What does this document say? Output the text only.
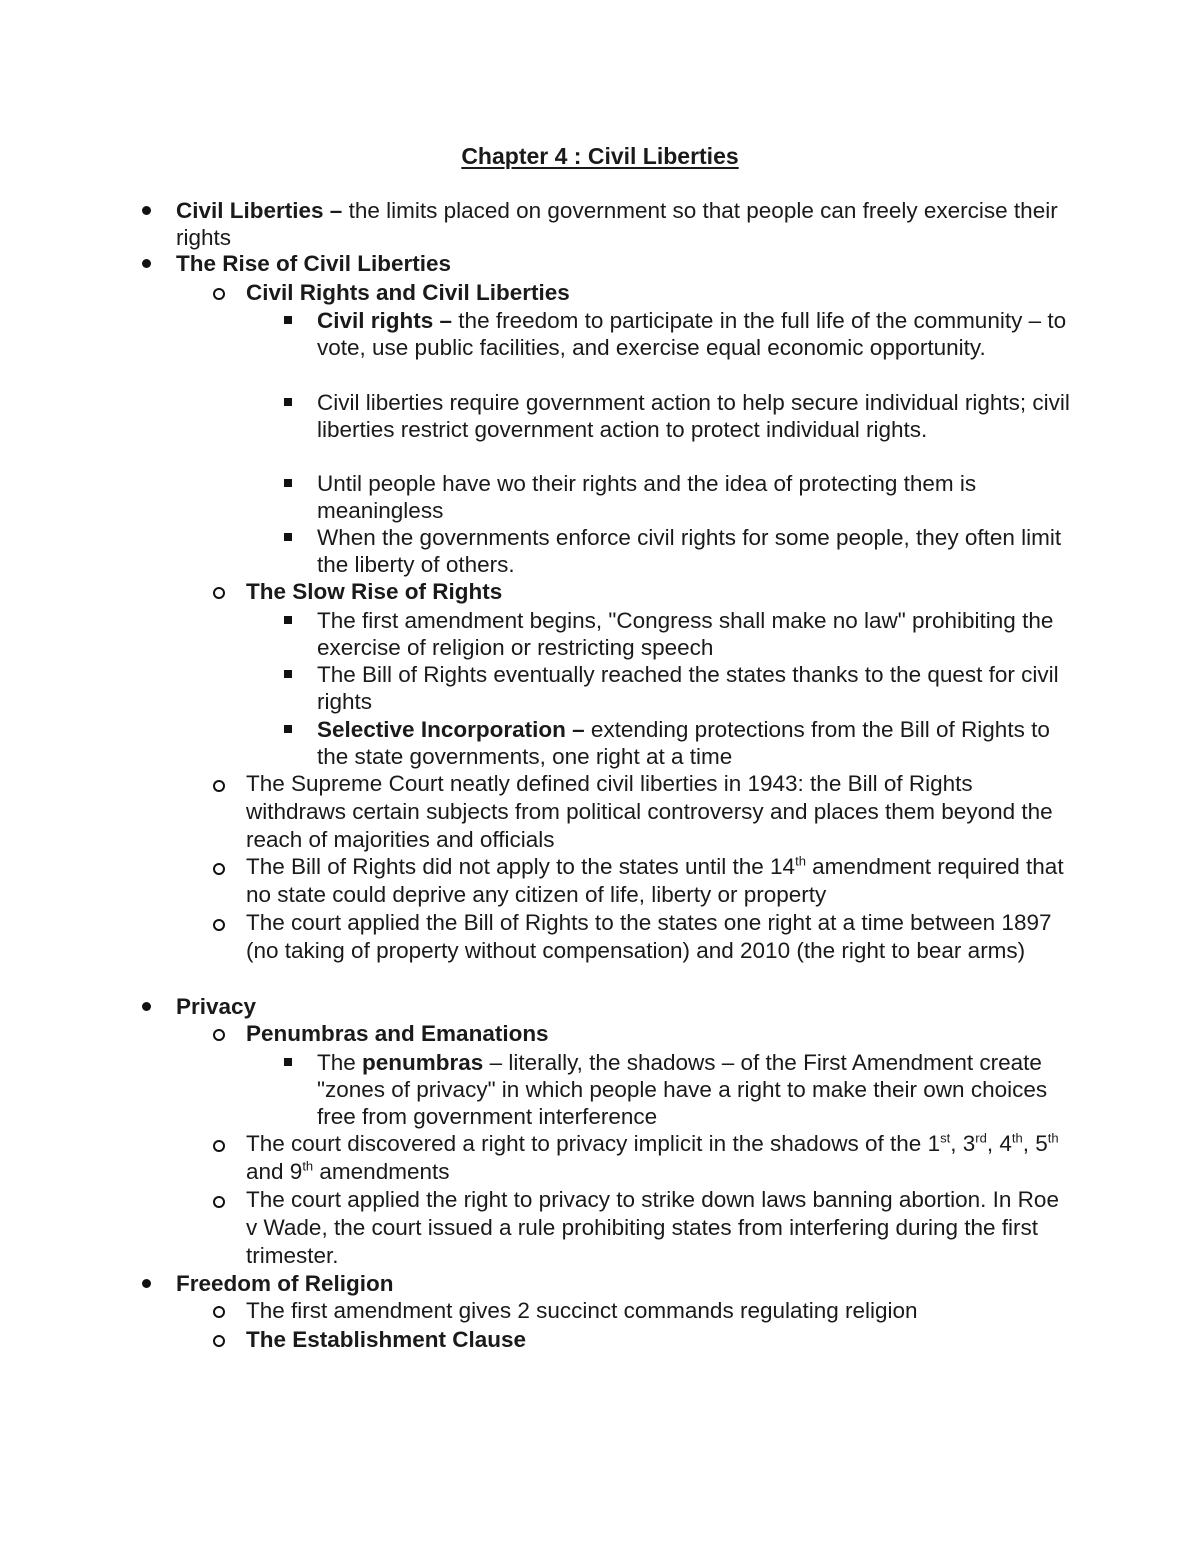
Chapter 4 : Civil Liberties
Civil Liberties – the limits placed on government so that people can freely exercise their rights
The Rise of Civil Liberties
Civil Rights and Civil Liberties
Civil rights – the freedom to participate in the full life of the community – to vote, use public facilities, and exercise equal economic opportunity.
Civil liberties require government action to help secure individual rights; civil liberties restrict government action to protect individual rights.
Until people have wo their rights and the idea of protecting them is meaningless
When the governments enforce civil rights for some people, they often limit the liberty of others.
The Slow Rise of Rights
The first amendment begins, "Congress shall make no law" prohibiting the exercise of religion or restricting speech
The Bill of Rights eventually reached the states thanks to the quest for civil rights
Selective Incorporation – extending protections from the Bill of Rights to the state governments, one right at a time
The Supreme Court neatly defined civil liberties in 1943: the Bill of Rights withdraws certain subjects from political controversy and places them beyond the reach of majorities and officials
The Bill of Rights did not apply to the states until the 14th amendment required that no state could deprive any citizen of life, liberty or property
The court applied the Bill of Rights to the states one right at a time between 1897 (no taking of property without compensation) and 2010 (the right to bear arms)
Privacy
Penumbras and Emanations
The penumbras – literally, the shadows – of the First Amendment create "zones of privacy" in which people have a right to make their own choices free from government interference
The court discovered a right to privacy implicit in the shadows of the 1st, 3rd, 4th, 5th and 9th amendments
The court applied the right to privacy to strike down laws banning abortion. In Roe v Wade, the court issued a rule prohibiting states from interfering during the first trimester.
Freedom of Religion
The first amendment gives 2 succinct commands regulating religion
The Establishment Clause
